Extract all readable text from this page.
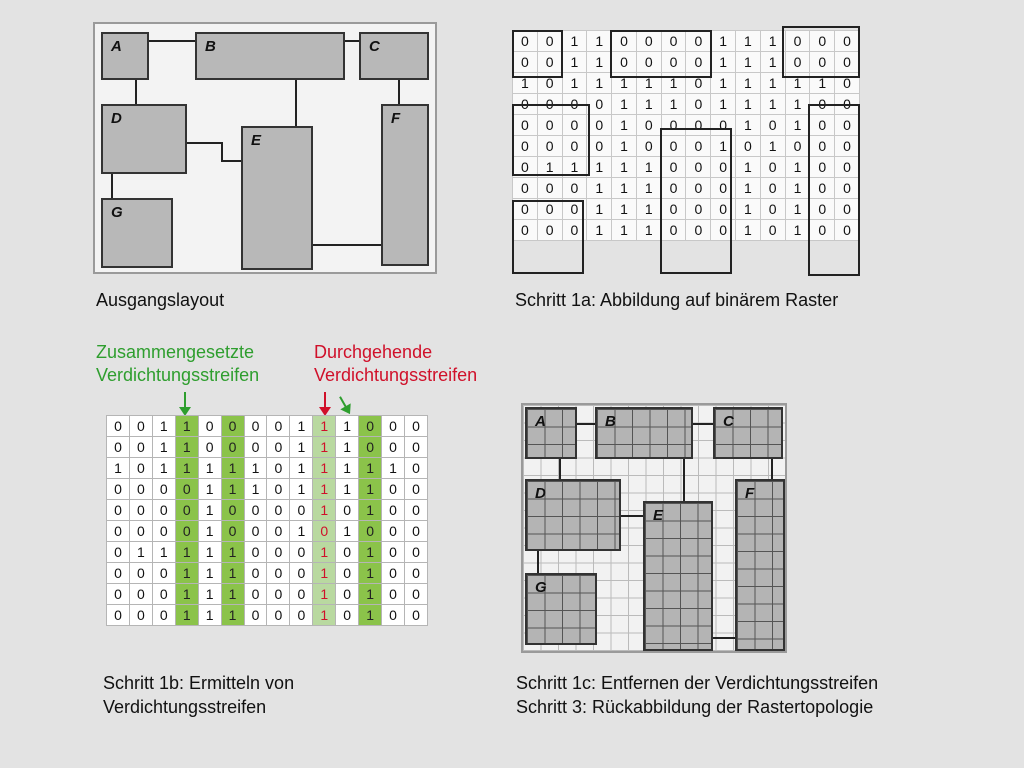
A	B	C
D
E
F
G
Ausgangslayout
0	0	1	1	0	0	0	0	1	1	1	0	0	0
0	0	1	1	0	0	0	0	1	1	1	0	0	0
1	0	1	1	1	1	1	0	1	1	1	1	1	0
0	0	0	0	1	1	1	0	1	1	1	1	0	0
0	0	0	0	1	0	0	0	0	1	0	1	0	0
0	0	0	0	1	0	0	0	1	0	1	0	0	0
0	1	1	1	1	1	0	0	0	1	0	1	0	0
0	0	0	1	1	1	0	0	0	1	0	1	0	0
0	0	0	1	1	1	0	0	0	1	0	1	0	0
0	0	0	1	1	1	0	0	0	1	0	1	0	0
Schritt 1a: Abbildung auf binärem Raster
Zusammengesetzte
Verdichtungsstreifen
Durchgehende
Verdichtungsstreifen
0	0	1	1	0	0	0	0	1	1	1	0	0	0
0	0	1	1	0	0	0	0	1	1	1	0	0	0
1	0	1	1	1	1	1	0	1	1	1	1	1	0
0	0	0	0	1	1	1	0	1	1	1	1	0	0
0	0	0	0	1	0	0	0	0	1	0	1	0	0
0	0	0	0	1	0	0	0	1	0	1	0	0	0
0	1	1	1	1	1	0	0	0	1	0	1	0	0
0	0	0	1	1	1	0	0	0	1	0	1	0	0
0	0	0	1	1	1	0	0	0	1	0	1	0	0
0	0	0	1	1	1	0	0	0	1	0	1	0	0
Schritt 1b: Ermitteln von
Verdichtungsstreifen
A	B	C
D
E
F
G
Schritt 1c: Entfernen der Verdichtungsstreifen
Schritt 3: Rückabbildung der Rastertopologie
